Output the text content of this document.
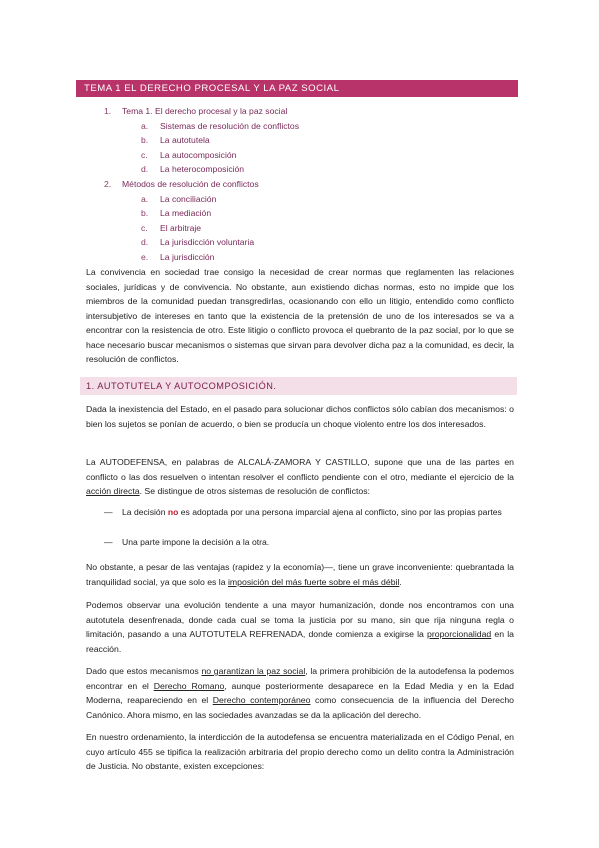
TEMA 1 EL DERECHO PROCESAL Y LA PAZ SOCIAL
1. Tema 1. El derecho procesal y la paz social
a. Sistemas de resolución de conflictos
b. La autotutela
c. La autocomposición
d. La heterocomposición
2. Métodos de resolución de conflictos
a. La conciliación
b. La mediación
c. El arbitraje
d. La jurisdicción voluntaria
e. La jurisdicción
La convivencia en sociedad trae consigo la necesidad de crear normas que reglamenten las relaciones sociales, jurídicas y de convivencia. No obstante, aun existiendo dichas normas, esto no impide que los miembros de la comunidad puedan transgredirlas, ocasionando con ello un litigio, entendido como conflicto intersubjetivo de intereses en tanto que la existencia de la pretensión de uno de los interesados se va a encontrar con la resistencia de otro. Este litigio o conflicto provoca el quebranto de la paz social, por lo que se hace necesario buscar mecanismos o sistemas que sirvan para devolver dicha paz a la comunidad, es decir, la resolución de conflictos.
1. AUTOTUTELA Y AUTOCOMPOSICIÓN.
Dada la inexistencia del Estado, en el pasado para solucionar dichos conflictos sólo cabían dos mecanismos: o bien los sujetos se ponían de acuerdo, o bien se producía un choque violento entre los dos interesados.
La AUTODEFENSA, en palabras de ALCALÁ-ZAMORA Y CASTILLO, supone que una de las partes en conflicto o las dos resuelven o intentan resolver el conflicto pendiente con el otro, mediante el ejercicio de la acción directa. Se distingue de otros sistemas de resolución de conflictos:
— La decisión no es adoptada por una persona imparcial ajena al conflicto, sino por las propias partes
— Una parte impone la decisión a la otra.
No obstante, a pesar de las ventajas (rapidez y la economía)—, tiene un grave inconveniente: quebrantada la tranquilidad social, ya que solo es la imposición del más fuerte sobre el más débil.
Podemos observar una evolución tendente a una mayor humanización, donde nos encontramos con una autotutela desenfrenada, donde cada cual se toma la justicia por su mano, sin que rija ninguna regla o limitación, pasando a una AUTOTUTELA REFRENADA, donde comienza a exigirse la proporcionalidad en la reacción.
Dado que estos mecanismos no garantizan la paz social, la primera prohibición de la autodefensa la podemos encontrar en el Derecho Romano, aunque posteriormente desaparece en la Edad Media y en la Edad Moderna, reapareciendo en el Derecho contemporáneo como consecuencia de la influencia del Derecho Canónico. Ahora mismo, en las sociedades avanzadas se da la aplicación del derecho.
En nuestro ordenamiento, la interdicción de la autodefensa se encuentra materializada en el Código Penal, en cuyo artículo 455 se tipifica la realización arbitraria del propio derecho como un delito contra la Administración de Justicia. No obstante, existen excepciones:
